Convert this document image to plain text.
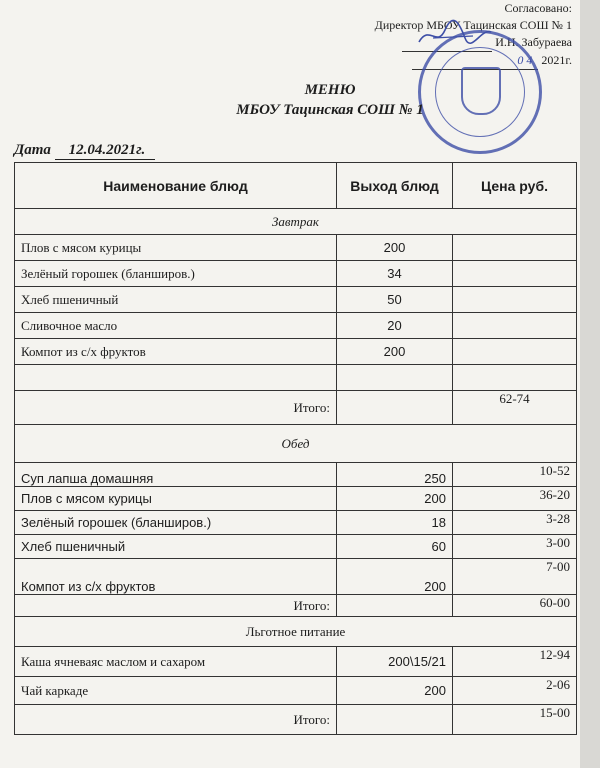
Согласовано:
Директор МБОУ Тацинская СОШ № 1
И.Н. Забураева
0 4 2021г.
МЕНЮ
МБОУ Тацинская СОШ № 1
Дата 12.04.2021г.
Наименование блюд	Выход блюд	Цена руб.
Завтрак		
Плов с мясом курицы	200	
Зелёный горошек (бланширов.)	34	
Хлеб пшеничный	50	
Сливочное масло	20	
Компот из с/х фруктов	200	

Итого:		62-74
Обед		
Суп лапша домашняя	250	10-52
Плов с мясом курицы	200	36-20
Зелёный горошек (бланширов.)	18	3-28
Хлеб пшеничный	60	3-00
Компот из с/х фруктов	200	7-00
Итого:		60-00
Льготное питание		
Каша ячневаяс маслом и сахаром	200\15/21	12-94
Чай каркаде	200	2-06
Итого:		15-00
